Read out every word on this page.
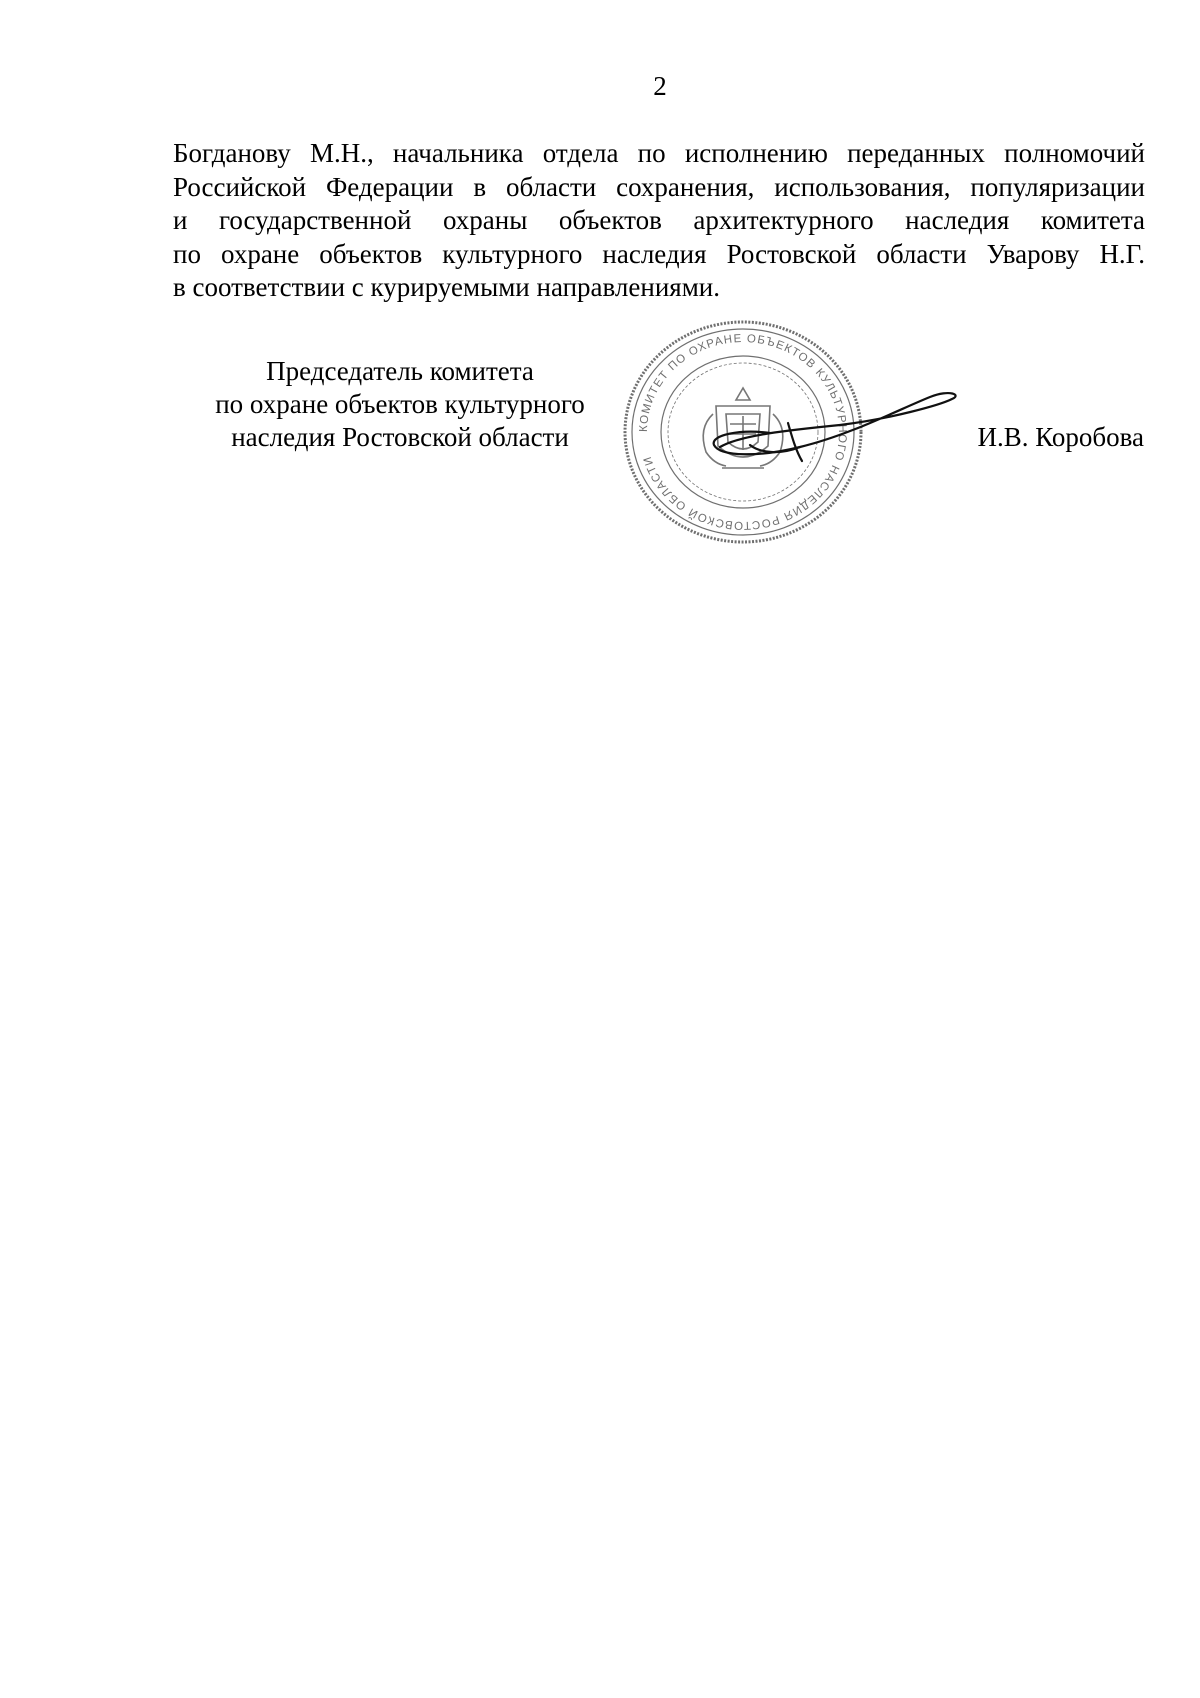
2
Богданову М.Н., начальника отдела по исполнению переданных полномочий
Российской Федерации в области сохранения, использования, популяризации
и государственной охраны объектов архитектурного наследия комитета
по охране объектов культурного наследия Ростовской области Уварову Н.Г.
в соответствии с курируемыми направлениями.
Председатель комитета
по охране объектов культурного
наследия Ростовской области	КОМИТЕТ ПО ОХРАНЕ ОБЪЕКТОВ КУЛЬТУРНОГО НАСЛЕДИЯ РОСТОВСКОЙ ОБЛАСТИ
И.В. Коробова
